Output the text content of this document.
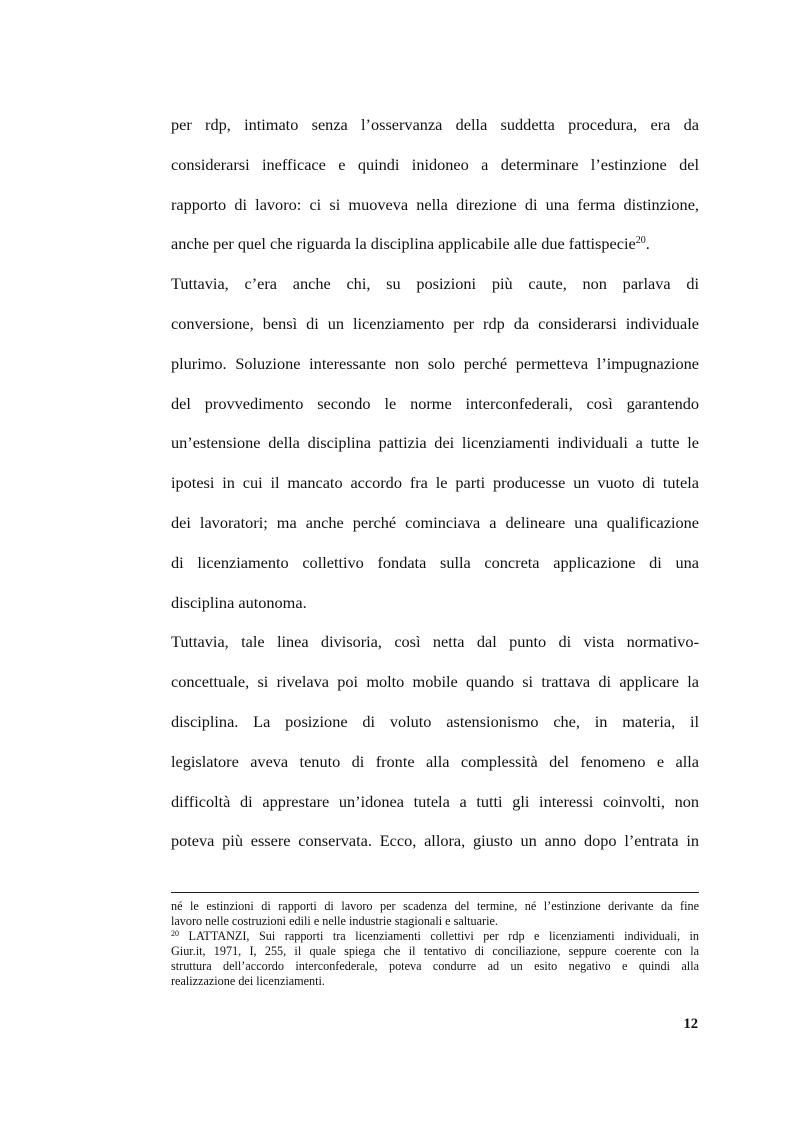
per rdp, intimato senza l’osservanza della suddetta procedura, era da
considerarsi inefficace e quindi inidoneo a determinare l’estinzione del
rapporto di lavoro: ci si muoveva nella direzione di una ferma distinzione,
anche per quel che riguarda la disciplina applicabile alle due fattispecie$^{20}$.
Tuttavia, c’era anche chi, su posizioni più caute, non parlava di
conversione, bensì di un licenziamento per rdp da considerarsi individuale
plurimo. Soluzione interessante non solo perché permetteva l’impugnazione
del provvedimento secondo le norme interconfederali, così garantendo
un’estensione della disciplina pattizia dei licenziamenti individuali a tutte le
ipotesi in cui il mancato accordo fra le parti producesse un vuoto di tutela
dei lavoratori; ma anche perché cominciava a delineare una qualificazione
di licenziamento collettivo fondata sulla concreta applicazione di una
disciplina autonoma.
Tuttavia, tale linea divisoria, così netta dal punto di vista normativo-
concettuale, si rivelava poi molto mobile quando si trattava di applicare la
disciplina. La posizione di voluto astensionismo che, in materia, il
legislatore aveva tenuto di fronte alla complessità del fenomeno e alla
difficoltà di apprestare un’idonea tutela a tutti gli interessi coinvolti, non
poteva più essere conservata. Ecco, allora, giusto un anno dopo l’entrata in
né le estinzioni di rapporti di lavoro per scadenza del termine, né l’estinzione derivante da fine
lavoro nelle costruzioni edili e nelle industrie stagionali e saltuarie.
$^{20}$ LATTANZI, Sui rapporti tra licenziamenti collettivi per rdp e licenziamenti individuali, in
Giur.it, 1971, I, 255, il quale spiega che il tentativo di conciliazione, seppure coerente con la
struttura dell’accordo interconfederale, poteva condurre ad un esito negativo e quindi alla
realizzazione dei licenziamenti.
12
